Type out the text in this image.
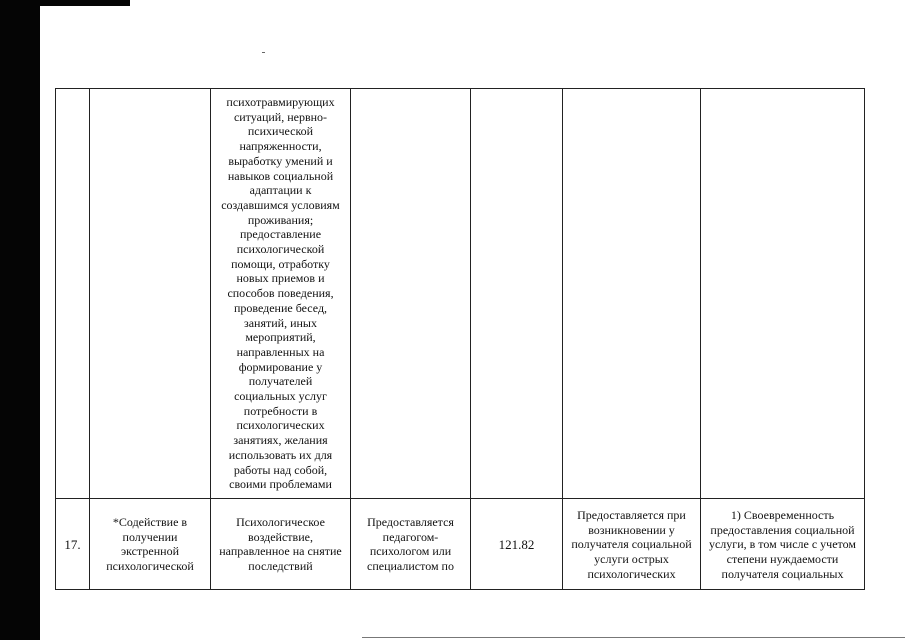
психотравмирующих
ситуаций, нервно-
психической
напряженности,
выработку умений и
навыков социальной
адаптации к
создавшимся условиям
проживания;
предоставление
психологической
помощи, отработку
новых приемов и
способов поведения,
проведение бесед,
занятий, иных
мероприятий,
направленных на
формирование у
получателей
социальных услуг
потребности в
психологических
занятиях, желания
использовать их для
работы над собой,
своими проблемами
17.
*Содействие в
получении
экстренной
психологической
Психологическое
воздействие,
направленное на снятие
последствий
Предоставляется
педагогом-
психологом или
специалистом по
121.82
Предоставляется при
возникновении у
получателя социальной
услуги острых
психологических
1) Своевременность
предоставления социальной
услуги, в том числе с учетом
степени нуждаемости
получателя социальных
